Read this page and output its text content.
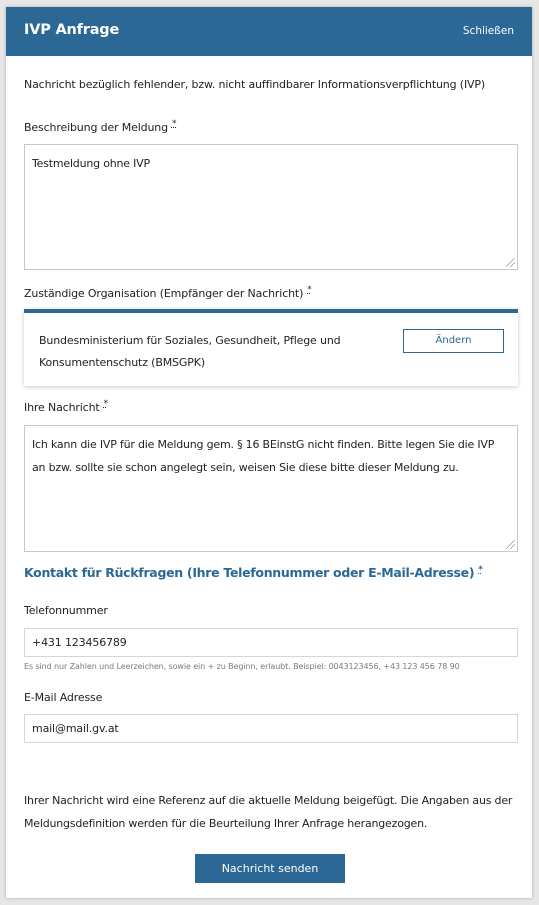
IVP Anfrage	Schließen
Nachricht bezüglich fehlender, bzw. nicht auffindbarer Informationsverpflichtung (IVP)
Beschreibung der Meldung *
Testmeldung ohne IVP
Zuständige Organisation (Empfänger der Nachricht) *
Bundesministerium für Soziales, Gesundheit, Pflege und Konsumentenschutz (BMSGPK)
Ändern
Ihre Nachricht *
Ich kann die IVP für die Meldung gem. § 16 BEinstG nicht finden. Bitte legen Sie die IVP an bzw. sollte sie schon angelegt sein, weisen Sie diese bitte dieser Meldung zu.
Kontakt für Rückfragen (Ihre Telefonnummer oder E-Mail-Adresse) *
Telefonnummer
+431 123456789
Es sind nur Zahlen und Leerzeichen, sowie ein + zu Beginn, erlaubt. Beispiel: 0043123456, +43 123 456 78 90
E-Mail Adresse
mail@mail.gv.at
Ihrer Nachricht wird eine Referenz auf die aktuelle Meldung beigefügt. Die Angaben aus der Meldungsdefinition werden für die Beurteilung Ihrer Anfrage herangezogen.
Nachricht senden
